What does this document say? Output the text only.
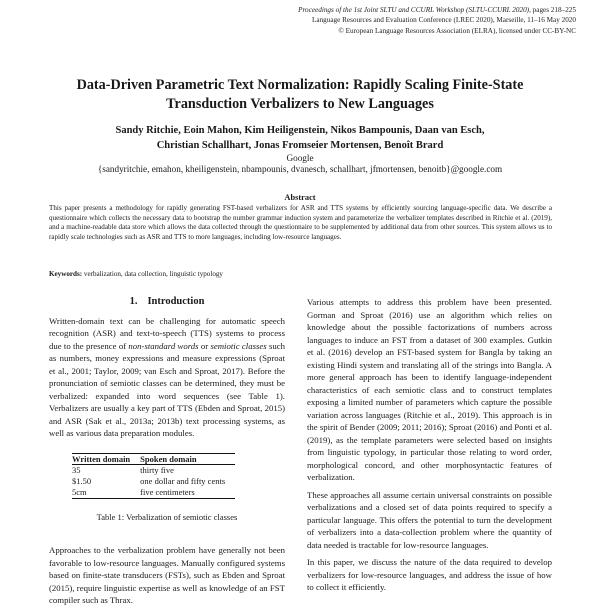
Proceedings of the 1st Joint SLTU and CCURL Workshop (SLTU-CCURL 2020), pages 218–225
Language Resources and Evaluation Conference (LREC 2020), Marseille, 11–16 May 2020
© European Language Resources Association (ELRA), licensed under CC-BY-NC
Data-Driven Parametric Text Normalization: Rapidly Scaling Finite-State Transduction Verbalizers to New Languages
Sandy Ritchie, Eoin Mahon, Kim Heiligenstein, Nikos Bampounis, Daan van Esch,
Christian Schallhart, Jonas Fromseier Mortensen, Benoît Brard
Google
{sandyritchie, emahon, kheiligenstein, nbampounis, dvanesch, schallhart, jfmortensen, benoitb}@google.com
Abstract

This paper presents a methodology for rapidly generating FST-based verbalizers for ASR and TTS systems by efficiently sourcing language-specific data. We describe a questionnaire which collects the necessary data to bootstrap the number grammar induction system and parameterize the verbalizer templates described in Ritchie et al. (2019), and a machine-readable data store which allows the data collected through the questionnaire to be supplemented by additional data from other sources. This system allows us to rapidly scale technologies such as ASR and TTS to more languages, including low-resource languages.

Keywords: verbalization, data collection, linguistic typology

1. Introduction

Written-domain text can be challenging for automatic speech recognition (ASR) and text-to-speech (TTS) systems to process due to the presence of non-standard words or semiotic classes such as numbers, money expressions and measure expressions (Sproat et al., 2001; Taylor, 2009; van Esch and Sproat, 2017). Before the pronunciation of semiotic classes can be determined, they must be verbalized: expanded into word sequences (see Table 1). Verbalizers are usually a key part of TTS (Ebden and Sproat, 2015) and ASR (Sak et al., 2013a; 2013b) text processing systems, as well as various data preparation modules.

Written domain	Spoken domain
35	thirty five
$1.50	one dollar and fifty cents
5cm	five centimeters
Table 1: Verbalization of semiotic classes

Approaches to the verbalization problem have generally not been favorable to low-resource languages. Manually configured systems based on finite-state transducers (FSTs), such as Ebden and Sproat (2015), require linguistic expertise as well as knowledge of an FST compiler such as Thrax.

Various attempts to address this problem have been presented. Gorman and Sproat (2016) use an algorithm which relies on knowledge about the possible factorizations of numbers across languages to induce an FST from a dataset of 300 examples. Gutkin et al. (2016) develop an FST-based system for Bangla by taking an existing Hindi system and translating all of the strings into Bangla. A more general approach has been to identify language-independent characteristics of each semiotic class and to construct templates exposing a limited number of parameters which capture the possible variation across languages (Ritchie et al., 2019). This approach is in the spirit of Bender (2009; 2011; 2016); Sproat (2016) and Ponti et al. (2019), as the template parameters were selected based on insights from linguistic typology, in particular those relating to word order, morphological concord, and other morphosyntactic features of verbalization.

These approaches all assume certain universal constraints on possible verbalizations and a closed set of data points required to specify a particular language. This offers the potential to turn the development of verbalizers into a data-collection problem where the quantity of data needed is tractable for low-resource languages.

In this paper, we discuss the nature of the data required to develop verbalizers for low-resource languages, and address the issue of how to collect it efficiently.
